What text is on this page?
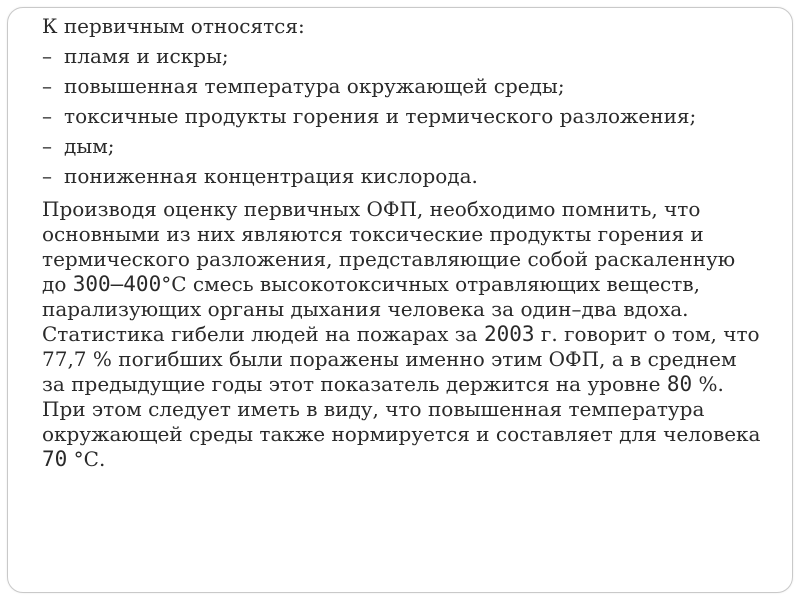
К первичным относятся:

– пламя и искры;
– повышенная температура окружающей среды;
– токсичные продукты горения и термического разложения;
– дым;
– пониженная концентрация кислорода.

Производя оценку первичных ОФП, необходимо помнить, что основными из них являются токсические продукты горения и термического разложения, представляющие собой раскаленную до 300–400°С смесь высокотоксичных отравляющих веществ, парализующих органы дыхания человека за один–два вдоха. Статистика гибели людей на пожарах за 2003 г. говорит о том, что 77,7 % погибших были поражены именно этим ОФП, а в среднем за предыдущие годы этот показатель держится на уровне 80 %. При этом следует иметь в виду, что повышенная температура окружающей среды также нормируется и составляет для человека 70 °С.
